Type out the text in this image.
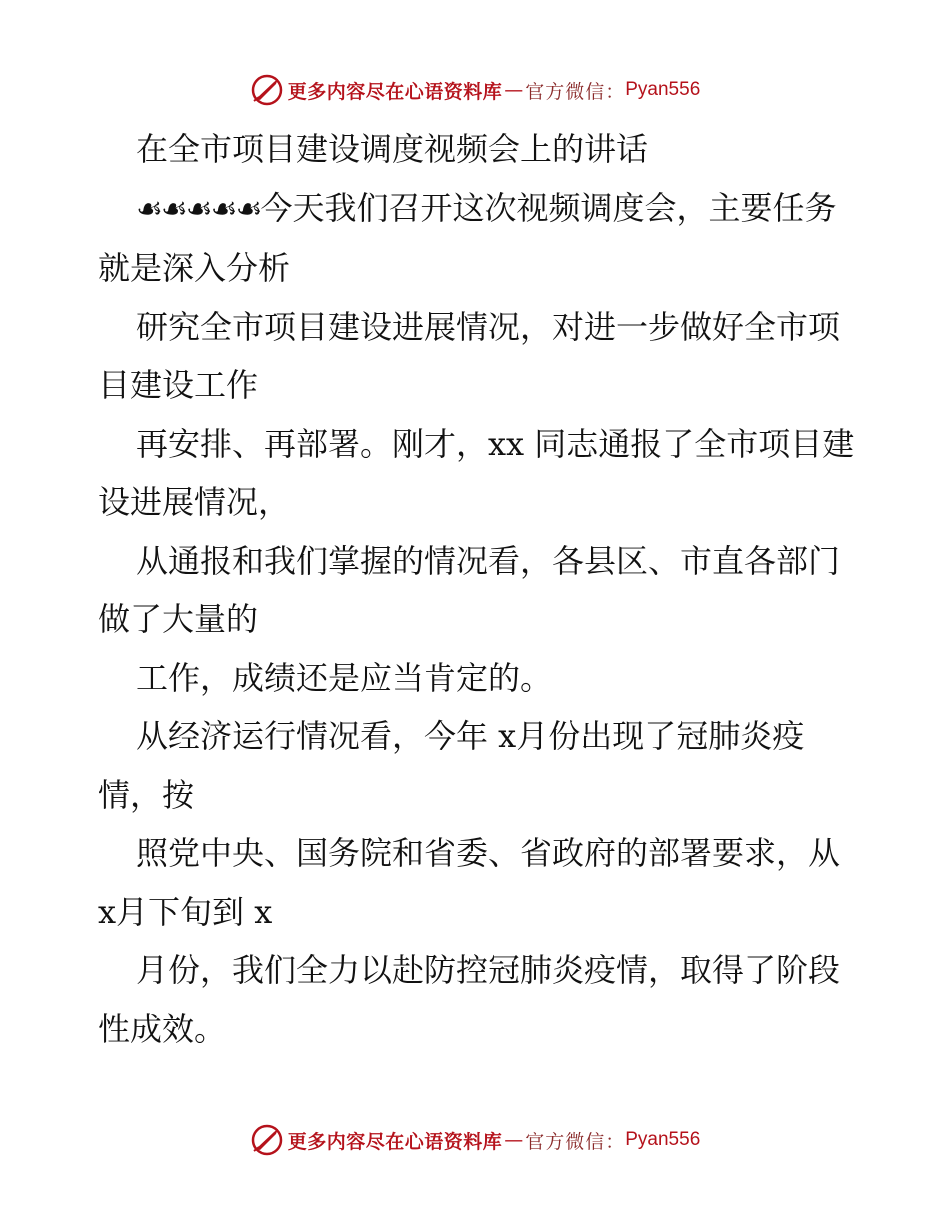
更多内容尽在心语资料库 — 官方微信： Pyan556

在全市项目建设调度视频会上的讲话

☙☙☙☙☙今天我们召开这次视频调度会，主要任务就是深入分析

研究全市项目建设进展情况，对进一步做好全市项目建设工作

再安排、再部署。刚才，xx 同志通报了全市项目建设进展情况，

从通报和我们掌握的情况看，各县区、市直各部门做了大量的

工作，成绩还是应当肯定的。

从经济运行情况看，今年 x月份出现了冠肺炎疫情，按

照党中央、国务院和省委、省政府的部署要求，从 x月下旬到 x

月份，我们全力以赴防控冠肺炎疫情，取得了阶段性成效。

更多内容尽在心语资料库 — 官方微信： Pyan556
